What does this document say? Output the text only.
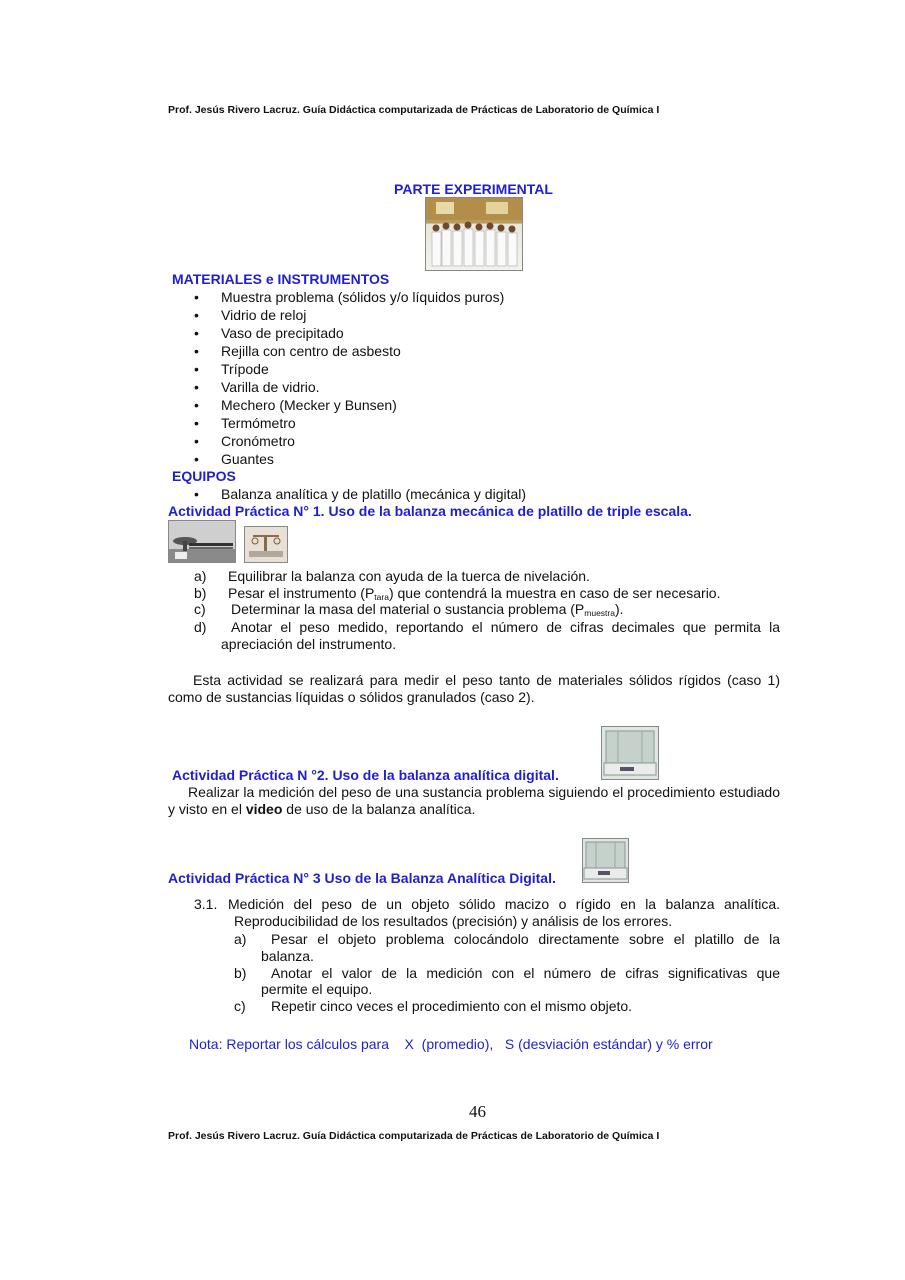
Prof. Jesús Rivero Lacruz. Guía Didáctica computarizada de Prácticas de Laboratorio de Química I
PARTE EXPERIMENTAL
MATERIALES e INSTRUMENTOS
• Muestra problema (sólidos y/o líquidos puros)
• Vidrio de reloj
• Vaso de precipitado
• Rejilla con centro de asbesto
• Trípode
• Varilla de vidrio.
• Mechero (Mecker y Bunsen)
• Termómetro
• Cronómetro
• Guantes
EQUIPOS
• Balanza analítica y de platillo (mecánica y digital)
Actividad Práctica N° 1. Uso de la balanza mecánica de platillo de triple escala.
a) Equilibrar la balanza con ayuda de la tuerca de nivelación.
b) Pesar el instrumento $(P_{tara})$ que contendrá la muestra en caso de ser necesario.
c) Determinar la masa del material o sustancia problema $(P_{muestra})$.
d) Anotar el peso medido, reportando el número de cifras decimales que permita la
apreciación del instrumento.
Esta actividad se realizará para medir el peso tanto de materiales sólidos rígidos (caso 1) como de sustancias líquidas o sólidos granulados (caso 2).
Actividad Práctica N °2. Uso de la balanza analítica digital.
Realizar la medición del peso de una sustancia problema siguiendo el procedimiento estudiado y visto en el video de uso de la balanza analítica.
Actividad Práctica N° 3 Uso de la Balanza Analítica Digital.
3.1. Medición del peso de un objeto sólido macizo o rígido en la balanza analítica.
Reproducibilidad de los resultados (precisión) y análisis de los errores.
a) Pesar el objeto problema colocándolo directamente sobre el platillo de la
balanza.
b) Anotar el valor de la medición con el número de cifras significativas que
permite el equipo.
c) Repetir cinco veces el procedimiento con el mismo objeto.
Nota: Reportar los cálculos para    X  (promedio),   S (desviación estándar) y % error
46
Prof. Jesús Rivero Lacruz. Guía Didáctica computarizada de Prácticas de Laboratorio de Química I
